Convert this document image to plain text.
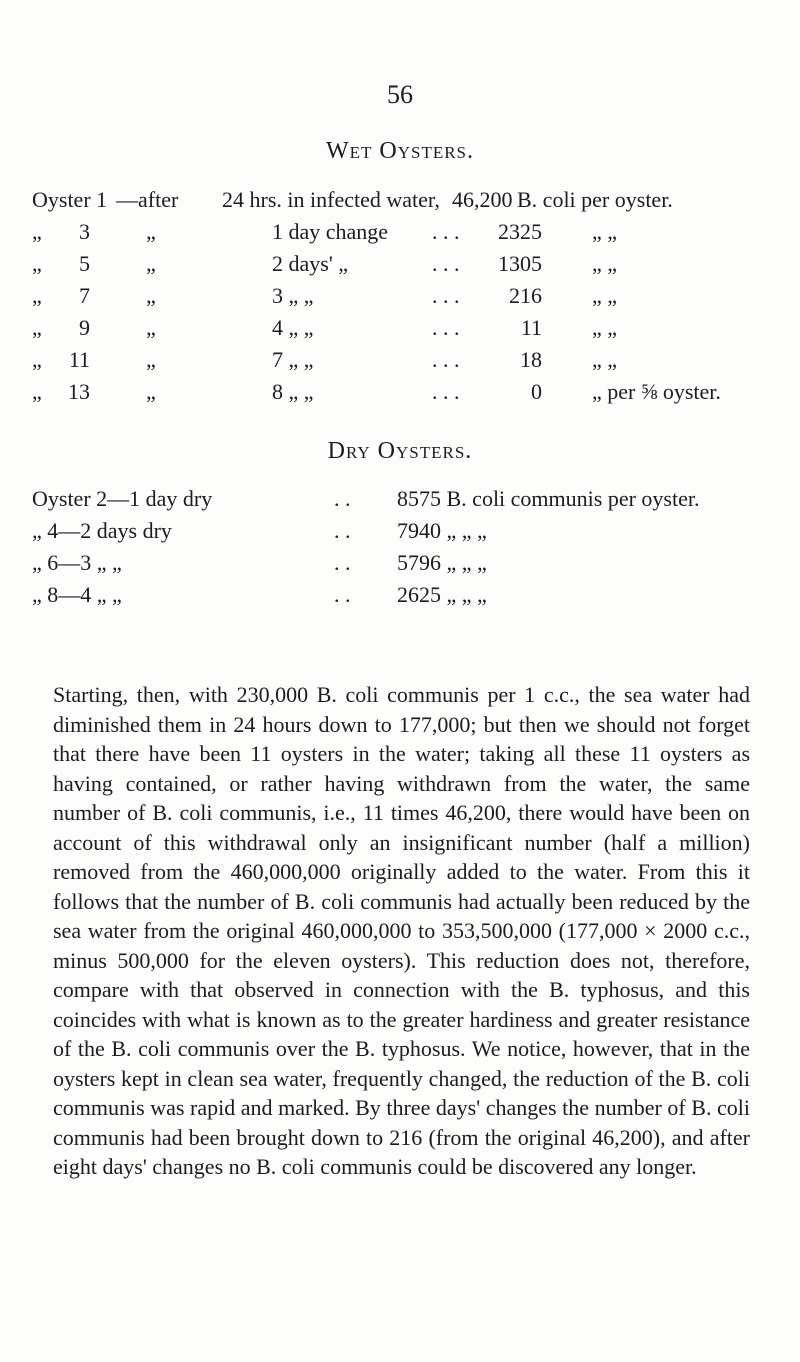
56
Wet Oysters.
Oyster 1 —after 24 hrs. in infected water, 46,200 B. coli per oyster.
„	3	„	1 day change . . .	2325 „ „
„	5	„	2 days' „	. . .	1305 „ „
„	7	„	3 „ „	. . .	216 „ „
„	9	„	4 „ „	. . .	11 „ „
„	11	„	7 „ „	. . .	18 „ „
„	13	„	8 „ „	. . .	0 „ per ⅝ oyster.
Dry Oysters.
Oyster 2—1 day dry	. . 8575 B. coli communis per oyster.
„ 4—2 days dry	. . 7940 „ „ „
„ 6—3 „ „	. . 5796 „ „ „
„ 8—4 „ „	. . 2625 „ „ „
Starting, then, with 230,000 B. coli communis per 1 c.c., the sea water had diminished them in 24 hours down to 177,000; but then we should not forget that there have been 11 oysters in the water; taking all these 11 oysters as having contained, or rather having withdrawn from the water, the same number of B. coli communis, i.e., 11 times 46,200, there would have been on account of this withdrawal only an insignificant number (half a million) removed from the 460,000,000 originally added to the water. From this it follows that the number of B. coli communis had actually been reduced by the sea water from the original 460,000,000 to 353,500,000 (177,000 × 2000 c.c., minus 500,000 for the eleven oysters). This reduction does not, therefore, compare with that observed in connection with the B. typhosus, and this coincides with what is known as to the greater hardiness and greater resistance of the B. coli communis over the B. typhosus. We notice, however, that in the oysters kept in clean sea water, frequently changed, the reduction of the B. coli communis was rapid and marked. By three days' changes the number of B. coli communis had been brought down to 216 (from the original 46,200), and after eight days' changes no B. coli communis could be discovered any longer.
